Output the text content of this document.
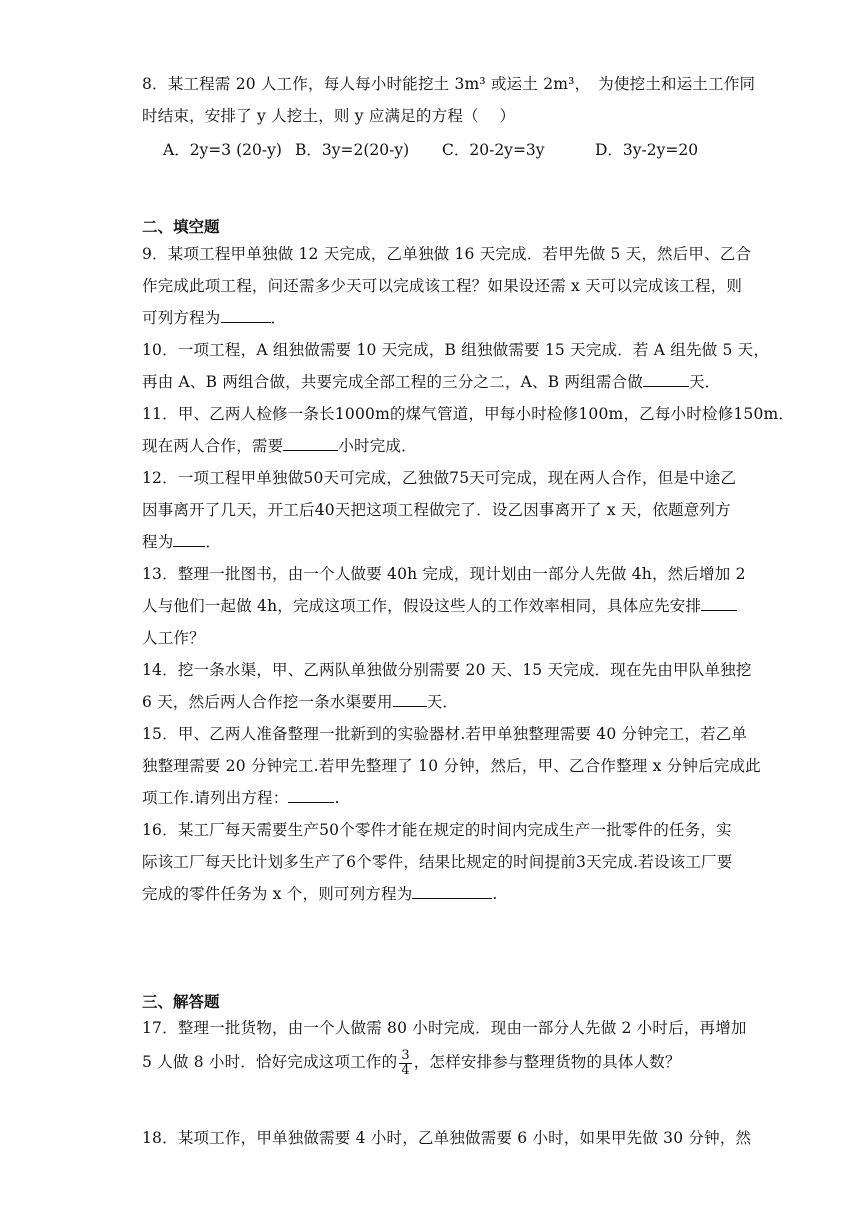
8．某工程需 20 人工作，每人每小时能挖土 3m³ 或运土 2m³，　为使挖土和运土工作同
时结束，安排了 y 人挖土，则 y 应满足的方程（　 ）
A．2y=3 (20-y) B．3y=2(20-y) C．20-2y=3y	D．3y-2y=20
二、填空题
9．某项工程甲单独做 12 天完成，乙单独做 16 天完成．若甲先做 5 天，然后甲、乙合
作完成此项工程，问还需多少天可以完成该工程？如果设还需 x 天可以完成该工程，则
可列方程为	．
10．一项工程，A 组独做需要 10 天完成，B 组独做需要 15 天完成．若 A 组先做 5 天，
再由 A、B 两组合做，共要完成全部工程的三分之二，A、B 两组需合做	天．
11．甲、乙两人检修一条长1000m的煤气管道，甲每小时检修100m，乙每小时检修150m．
现在两人合作，需要	小时完成．
12．一项工程甲单独做50天可完成，乙独做75天可完成，现在两人合作，但是中途乙
因事离开了几天，开工后40天把这项工程做完了．设乙因事离开了 x 天，依题意列方
程为 ．
13．整理一批图书，由一个人做要 40h 完成，现计划由一部分人先做 4h，然后增加 2
人与他们一起做 4h，完成这项工作，假设这些人的工作效率相同，具体应先安排
人工作？
14．挖一条水渠，甲、乙两队单独做分别需要 20 天、15 天完成．现在先由甲队单独挖
6 天，然后两人合作挖一条水渠要用 天．
15．甲、乙两人准备整理一批新到的实验器材.若甲单独整理需要 40 分钟完工，若乙单
独整理需要 20 分钟完工.若甲先整理了 10 分钟，然后，甲、乙合作整理 x 分钟后完成此
项工作.请列出方程：	.
16．某工厂每天需要生产50个零件才能在规定的时间内完成生产一批零件的任务，实
际该工厂每天比计划多生产了6个零件，结果比规定的时间提前3天完成.若设该工厂要
完成的零件任务为 x 个，则可列方程为	.
三、解答题
17．整理一批货物，由一个人做需 80 小时完成．现由一部分人先做 2 小时后，再增加
5 人做 8 小时．恰好完成这项工作的 $\frac{3}{4}$ ，怎样安排参与整理货物的具体人数？
18．某项工作，甲单独做需要 4 小时，乙单独做需要 6 小时，如果甲先做 30 分钟，然
